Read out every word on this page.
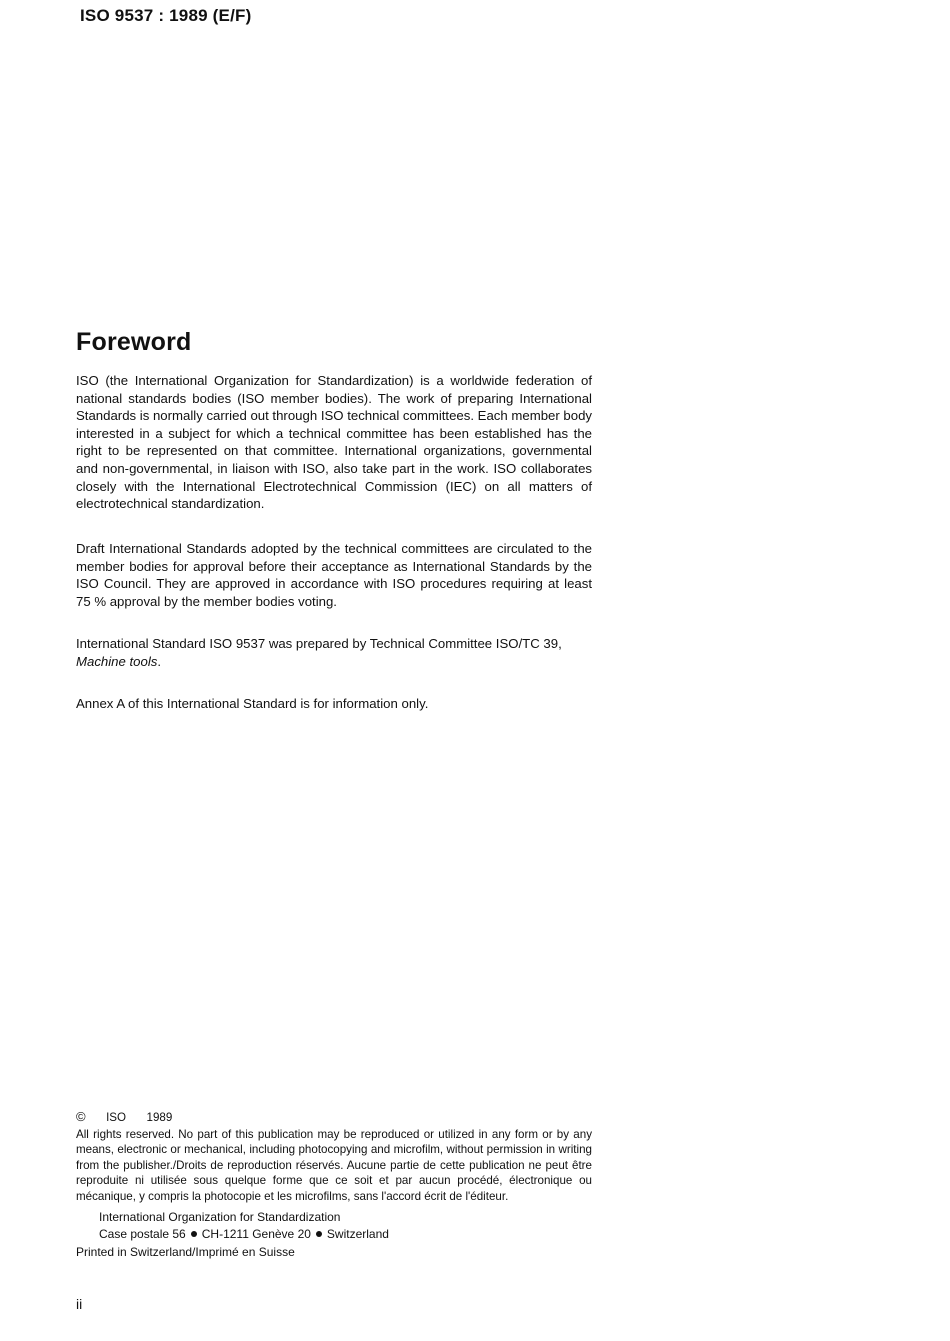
ISO 9537 : 1989 (E/F)
Foreword
ISO (the International Organization for Standardization) is a worldwide federation of national standards bodies (ISO member bodies). The work of preparing International Standards is normally carried out through ISO technical committees. Each member body interested in a subject for which a technical committee has been established has the right to be represented on that committee. International organizations, governmental and non-governmental, in liaison with ISO, also take part in the work. ISO collaborates closely with the International Electrotechnical Commission (IEC) on all matters of electrotechnical standardization.
Draft International Standards adopted by the technical committees are circulated to the member bodies for approval before their acceptance as International Standards by the ISO Council. They are approved in accordance with ISO procedures requiring at least 75 % approval by the member bodies voting.
International Standard ISO 9537 was prepared by Technical Committee ISO/TC 39,
Machine tools.
Annex A of this International Standard is for information only.
© ISO 1989
All rights reserved. No part of this publication may be reproduced or utilized in any form or by any means, electronic or mechanical, including photocopying and microfilm, without permission in writing from the publisher./Droits de reproduction réservés. Aucune partie de cette publication ne peut être reproduite ni utilisée sous quelque forme que ce soit et par aucun procédé, électronique ou mécanique, y compris la photocopie et les microfilms, sans l'accord écrit de l'éditeur.
International Organization for Standardization
Case postale 56 CH-1211 Genève 20 Switzerland
Printed in Switzerland/Imprimé en Suisse
ii
